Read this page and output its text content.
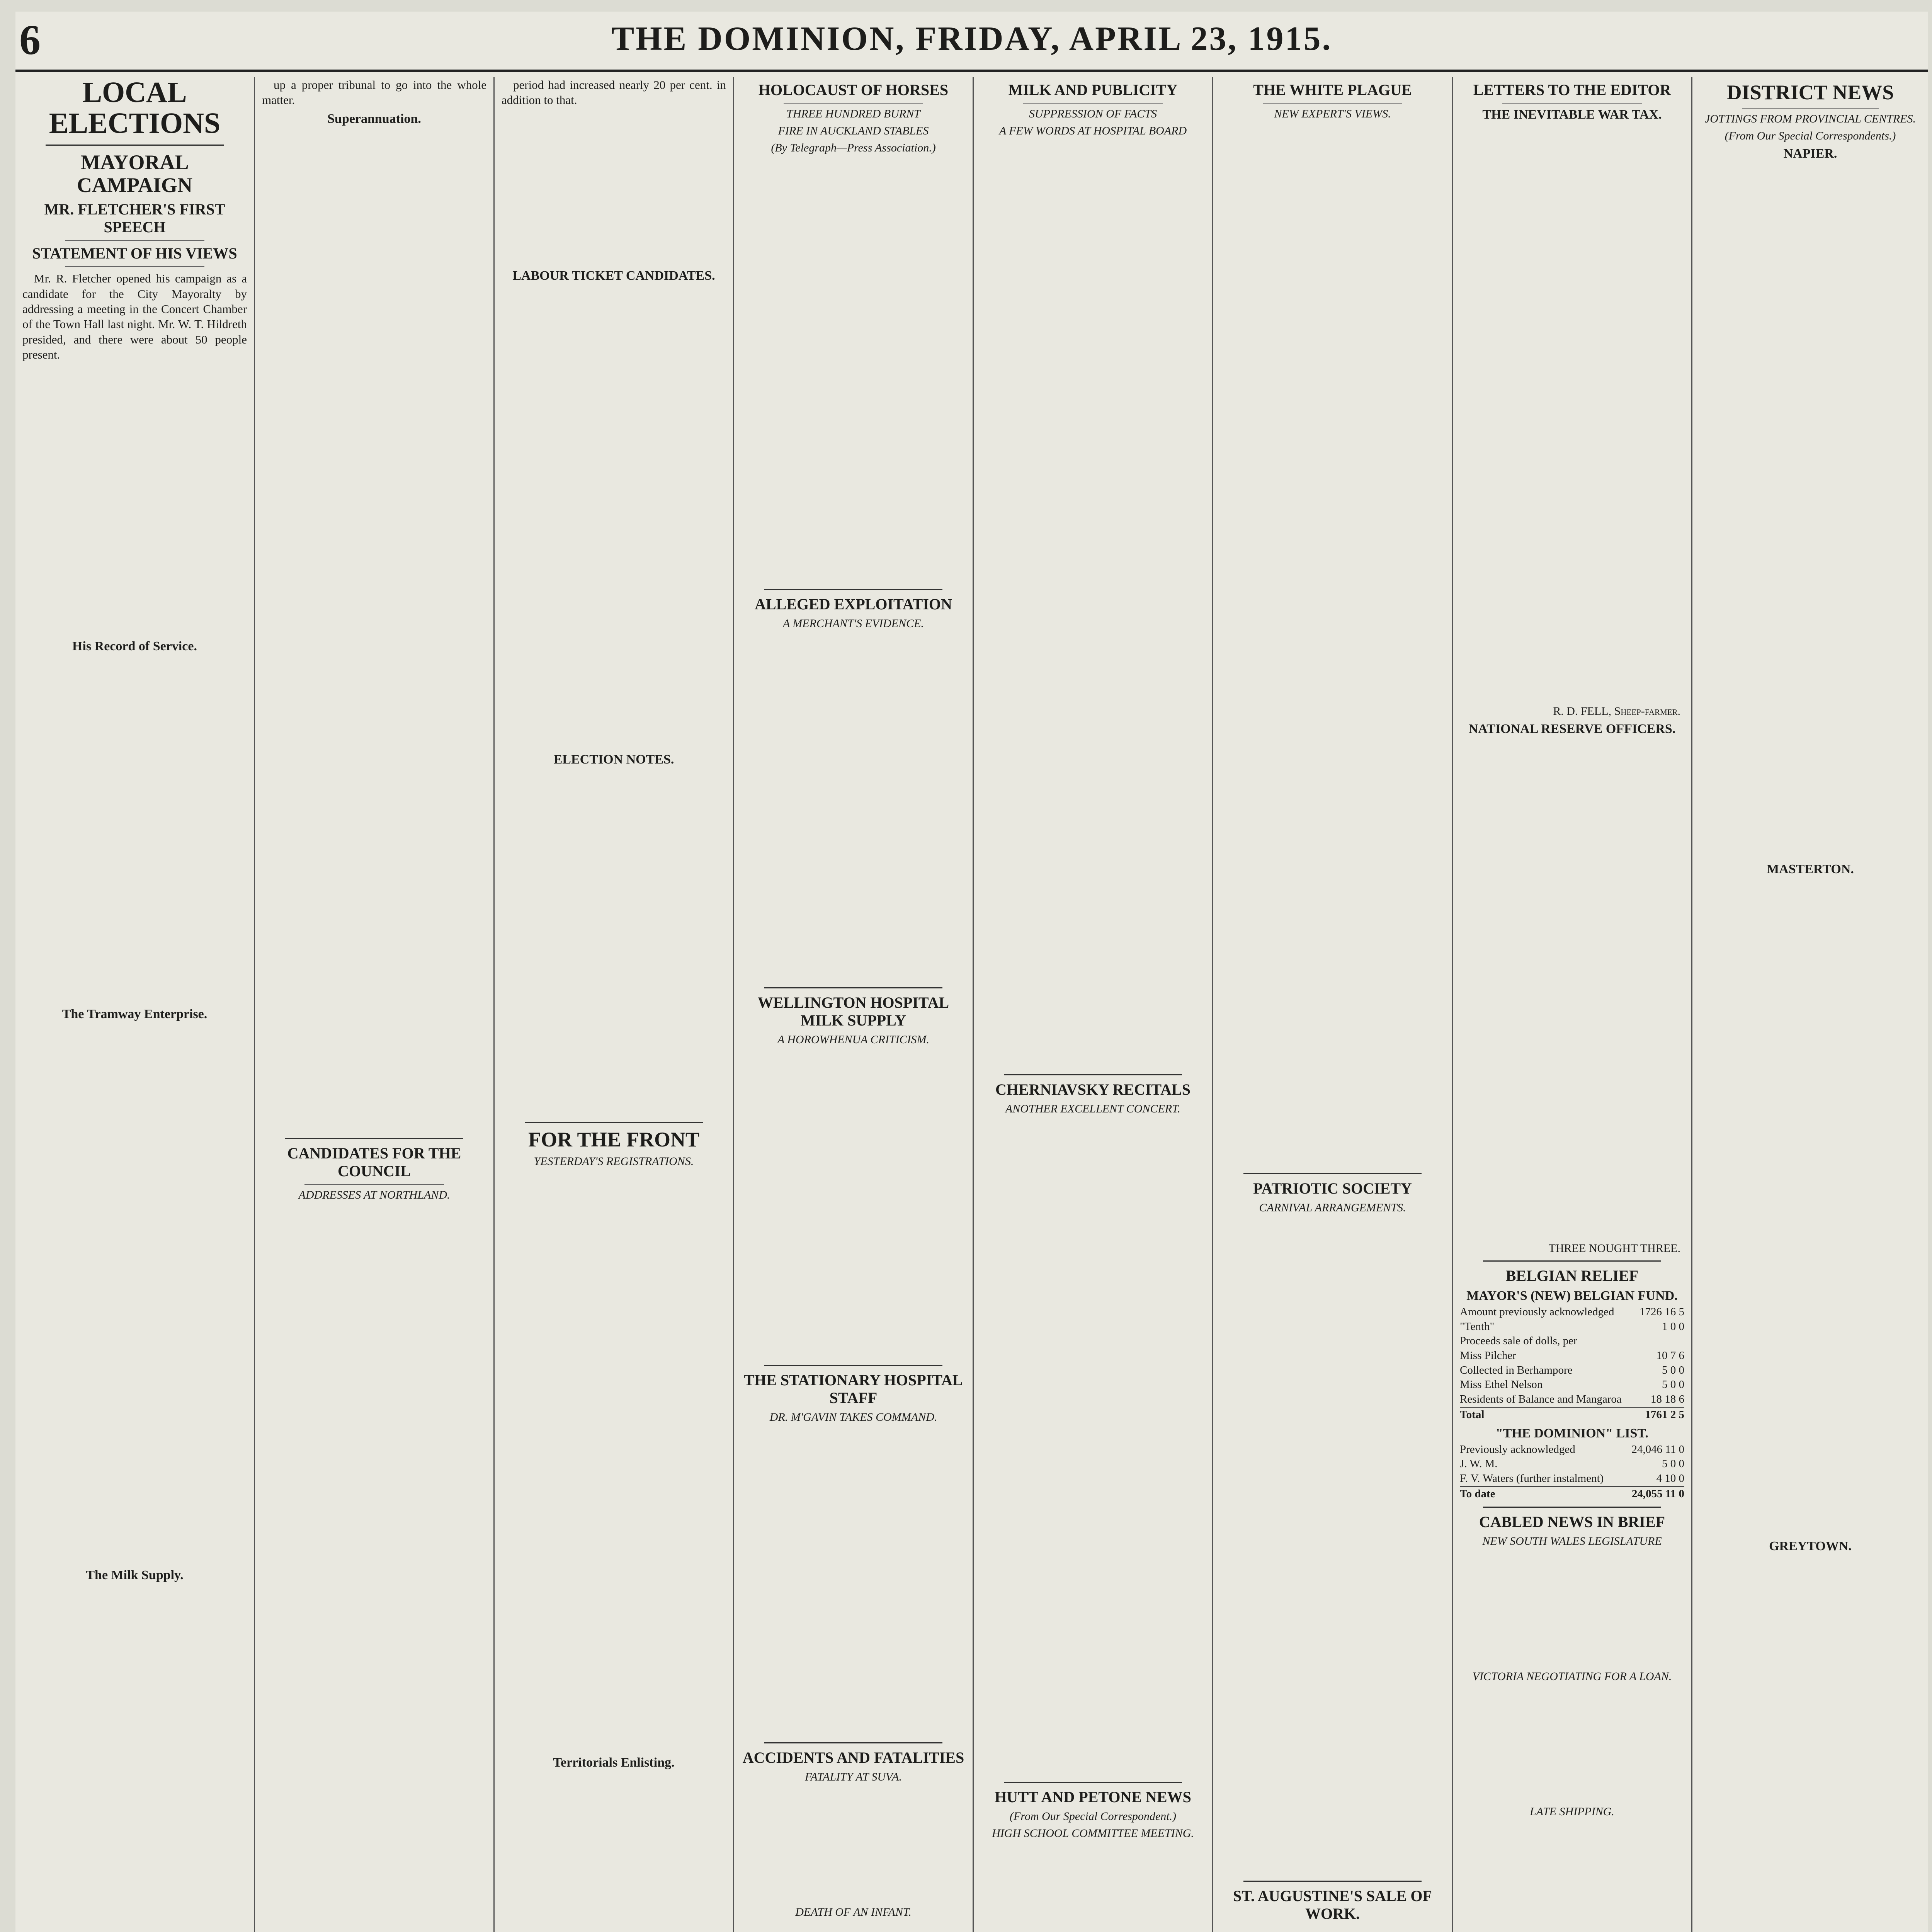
6	THE DOMINION, FRIDAY, APRIL 23, 1915.
LOCAL ELECTIONS
MAYORAL CAMPAIGN
MR. FLETCHER'S FIRST SPEECH
STATEMENT OF HIS VIEWS
Mr. R. Fletcher opened his campaign as a candidate for the City Mayoralty by addressing a meeting in the Concert Chamber of the Town Hall last night. Mr. W. T. Hildreth presided, and there were about 50 people present.
His Record of Service.
The Tramway Enterprise.
The Milk Supply.
up a proper tribunal to go into the whole matter.
Superannuation.
CANDIDATES FOR THE COUNCIL
ADDRESSES AT NORTHLAND.
period had increased nearly 20 per cent. in addition to that.
LABOUR TICKET CANDIDATES.
ELECTION NOTES.
FOR THE FRONT
YESTERDAY'S REGISTRATIONS.
Territorials Enlisting.
HOLOCAUST OF HORSES
THREE HUNDRED BURNT
FIRE IN AUCKLAND STABLES
(By Telegraph—Press Association.)
ALLEGED EXPLOITATION
A MERCHANT'S EVIDENCE.
WELLINGTON HOSPITAL MILK SUPPLY
A HOROWHENUA CRITICISM.
THE STATIONARY HOSPITAL STAFF
DR. M'GAVIN TAKES COMMAND.
ACCIDENTS AND FATALITIES
FATALITY AT SUVA.
DEATH OF AN INFANT.
MILK AND PUBLICITY
SUPPRESSION OF FACTS
A FEW WORDS AT HOSPITAL BOARD
CHERNIAVSKY RECITALS
ANOTHER EXCELLENT CONCERT.
HUTT AND PETONE NEWS
(From Our Special Correspondent.)
HIGH SCHOOL COMMITTEE MEETING.
THE WHITE PLAGUE
NEW EXPERT'S VIEWS.
PATRIOTIC SOCIETY
CARNIVAL ARRANGEMENTS.
ST. AUGUSTINE'S SALE OF WORK.
LETTERS TO THE EDITOR
THE INEVITABLE WAR TAX.
R. D. FELL, Sheep-farmer.
NATIONAL RESERVE OFFICERS.
THREE NOUGHT THREE.
BELGIAN RELIEF
MAYOR'S (NEW) BELGIAN FUND.
Amount previously acknowledged 1726 16 5
"Tenth"	1 0 0
Proceeds sale of dolls, per
Miss Pilcher	10 7 6
Collected in Berhampore	5 0 0
Miss Ethel Nelson	5 0 0
Residents of Balance and Mangaroa	18 18 6
Total	1761 2 5
"THE DOMINION" LIST.
Previously acknowledged	24,046 11 0
J. W. M.	5 0 0
F. V. Waters (further instalment)	4 10 0
To date	24,055 11 0
CABLED NEWS IN BRIEF
NEW SOUTH WALES LEGISLATURE
VICTORIA NEGOTIATING FOR A LOAN.
LATE SHIPPING.
DISTRICT NEWS
JOTTINGS FROM PROVINCIAL CENTRES.
(From Our Special Correspondents.)
NAPIER.
MASTERTON.
GREYTOWN.
